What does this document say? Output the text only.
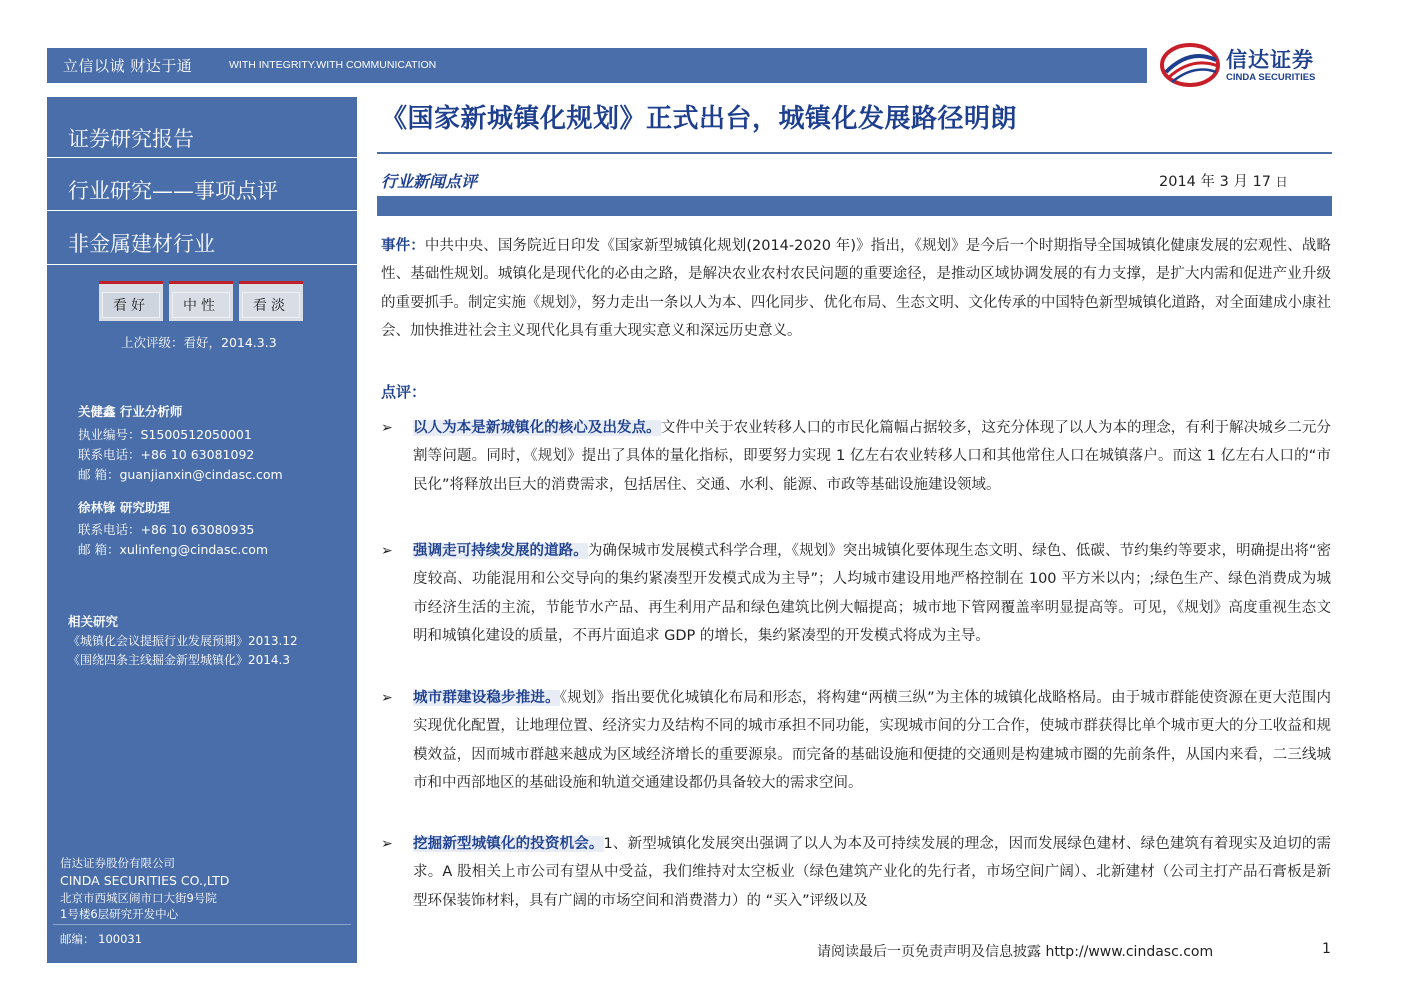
立信以诚 财达于通	WITH INTEGRITY.WITH COMMUNICATION	信达证券
CINDA SECURITIES
证券研究报告
行业研究——事项点评
非金属建材行业
看好	中性	看淡
上次评级：看好，2014.3.3
关健鑫 行业分析师
执业编号：S1500512050001
联系电话：+86 10 63081092
邮 箱：guanjianxin@cindasc.com
徐林锋 研究助理
联系电话：+86 10 63080935
邮 箱：xulinfeng@cindasc.com
相关研究
《城镇化会议提振行业发展预期》2013.12
《围绕四条主线掘金新型城镇化》2014.3
信达证券股份有限公司
CINDA SECURITIES CO.,LTD
北京市西城区闹市口大街9号院
1号楼6层研究开发中心
邮编： 100031
《国家新城镇化规划》正式出台，城镇化发展路径明朗
行业新闻点评	2014 年 3 月 17 日
事件：中共中央、国务院近日印发《国家新型城镇化规划(2014-2020 年)》指出，《规划》是今后一个时期指导全国城镇化健康发展的宏观性、战略性、基础性规划。城镇化是现代化的必由之路，是解决农业农村农民问题的重要途径，是推动区域协调发展的有力支撑，是扩大内需和促进产业升级的重要抓手。制定实施《规划》，努力走出一条以人为本、四化同步、优化布局、生态文明、文化传承的中国特色新型城镇化道路，对全面建成小康社会、加快推进社会主义现代化具有重大现实意义和深远历史意义。
点评：
➢ 以人为本是新城镇化的核心及出发点。文件中关于农业转移人口的市民化篇幅占据较多，这充分体现了以人为本的理念，有利于解决城乡二元分割等问题。同时，《规划》提出了具体的量化指标，即要努力实现 1 亿左右农业转移人口和其他常住人口在城镇落户。而这 1 亿左右人口的“市民化”将释放出巨大的消费需求，包括居住、交通、水利、能源、市政等基础设施建设领域。
➢ 强调走可持续发展的道路。为确保城市发展模式科学合理，《规划》突出城镇化要体现生态文明、绿色、低碳、节约集约等要求，明确提出将“密度较高、功能混用和公交导向的集约紧凑型开发模式成为主导”；人均城市建设用地严格控制在 100 平方米以内；;绿色生产、绿色消费成为城市经济生活的主流，节能节水产品、再生利用产品和绿色建筑比例大幅提高；城市地下管网覆盖率明显提高等。可见，《规划》高度重视生态文明和城镇化建设的质量，不再片面追求 GDP 的增长，集约紧凑型的开发模式将成为主导。
➢ 城市群建设稳步推进。《规划》指出要优化城镇化布局和形态，将构建“两横三纵”为主体的城镇化战略格局。由于城市群能使资源在更大范围内实现优化配置，让地理位置、经济实力及结构不同的城市承担不同功能，实现城市间的分工合作，使城市群获得比单个城市更大的分工收益和规模效益，因而城市群越来越成为区域经济增长的重要源泉。而完备的基础设施和便捷的交通则是构建城市圈的先前条件，从国内来看，二三线城市和中西部地区的基础设施和轨道交通建设都仍具备较大的需求空间。
➢ 挖掘新型城镇化的投资机会。1、新型城镇化发展突出强调了以人为本及可持续发展的理念，因而发展绿色建材、绿色建筑有着现实及迫切的需求。A 股相关上市公司有望从中受益，我们维持对太空板业（绿色建筑产业化的先行者，市场空间广阔）、北新建材（公司主打产品石膏板是新型环保装饰材料，具有广阔的市场空间和消费潜力）的 “买入”评级以及
请阅读最后一页免责声明及信息披露 http://www.cindasc.com	1
